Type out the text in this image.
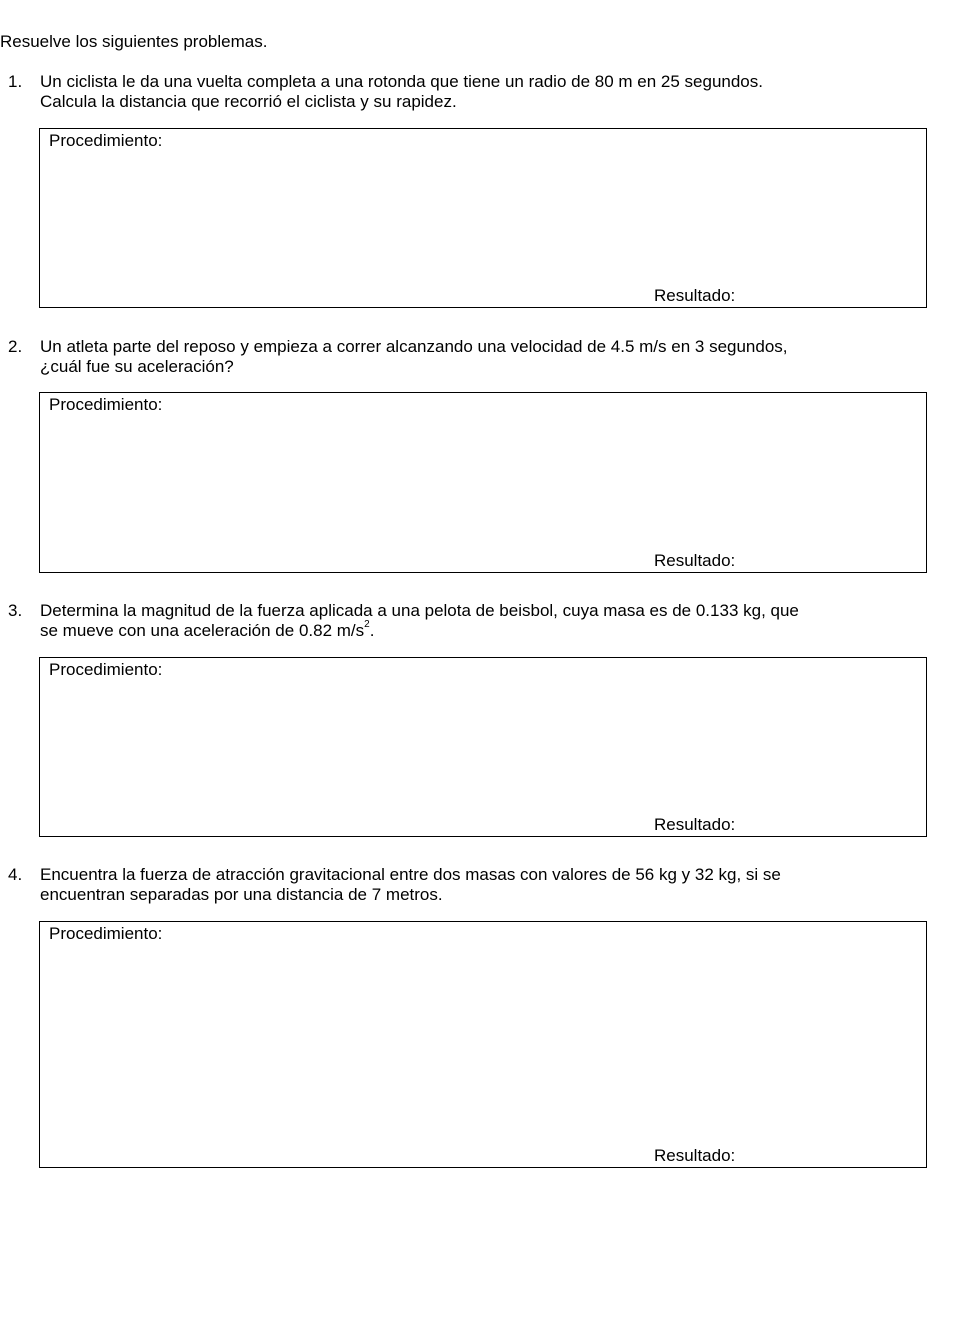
Resuelve los siguientes problemas.

1. Un ciclista le da una vuelta completa a una rotonda que tiene un radio de 80 m en 25 segundos.
Calcula la distancia que recorrió el ciclista y su rapidez.
Procedimiento:
Resultado:
2. Un atleta parte del reposo y empieza a correr alcanzando una velocidad de 4.5 m/s en 3 segundos,
¿cuál fue su aceleración?
Procedimiento:
Resultado:
3. Determina la magnitud de la fuerza aplicada a una pelota de beisbol, cuya masa es de 0.133 kg, que
se mueve con una aceleración de 0.82 $m/s^2$.
Procedimiento:
Resultado:
4. Encuentra la fuerza de atracción gravitacional entre dos masas con valores de 56 kg y 32 kg, si se
encuentran separadas por una distancia de 7 metros.
Procedimiento:
Resultado:
